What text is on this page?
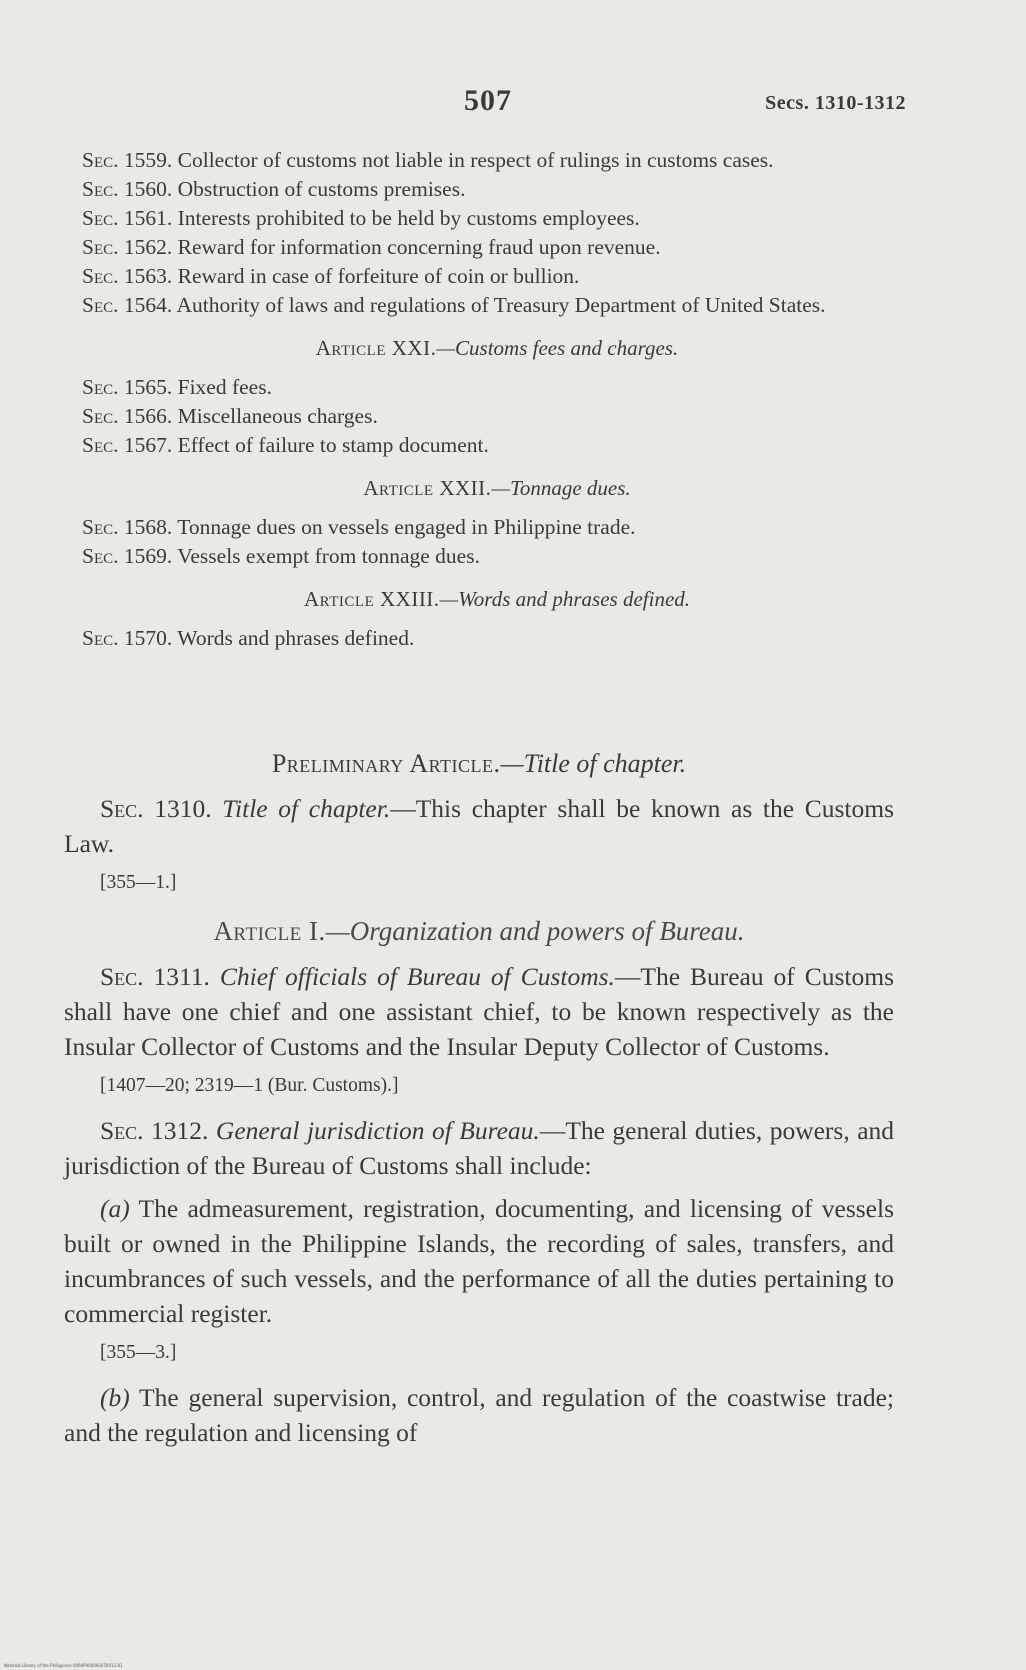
507	Secs. 1310-1312

Sec. 1559. Collector of customs not liable in respect of rulings in customs cases.

Sec. 1560. Obstruction of customs premises.

Sec. 1561. Interests prohibited to be held by customs employees.

Sec. 1562. Reward for information concerning fraud upon revenue.

Sec. 1563. Reward in case of forfeiture of coin or bullion.

Sec. 1564. Authority of laws and regulations of Treasury Department of United States.

Article XXI.—Customs fees and charges.

Sec. 1565. Fixed fees.

Sec. 1566. Miscellaneous charges.

Sec. 1567. Effect of failure to stamp document.

Article XXII.—Tonnage dues.

Sec. 1568. Tonnage dues on vessels engaged in Philippine trade.

Sec. 1569. Vessels exempt from tonnage dues.

Article XXIII.—Words and phrases defined.

Sec. 1570. Words and phrases defined.

Preliminary Article.—Title of chapter.

Sec. 1310. Title of chapter.—This chapter shall be known as the Customs Law.

[355—1.]
Article I.—Organization and powers of Bureau.

Sec. 1311. Chief officials of Bureau of Customs.—The Bureau of Customs shall have one chief and one assistant chief, to be known respectively as the Insular Collector of Customs and the Insular Deputy Collector of Customs.

[1407—20; 2319—1 (Bur. Customs).]

Sec. 1312. General jurisdiction of Bureau.—The general duties, powers, and jurisdiction of the Bureau of Customs shall include:

(a) The admeasurement, registration, documenting, and licensing of vessels built or owned in the Philippine Islands, the recording of sales, transfers, and incumbrances of such vessels, and the performance of all the duties pertaining to commercial register.

[355—3.]

(b) The general supervision, control, and regulation of the coastwise trade; and the regulation and licensing of

National Library of the Philippines 0064P000092070012 81
